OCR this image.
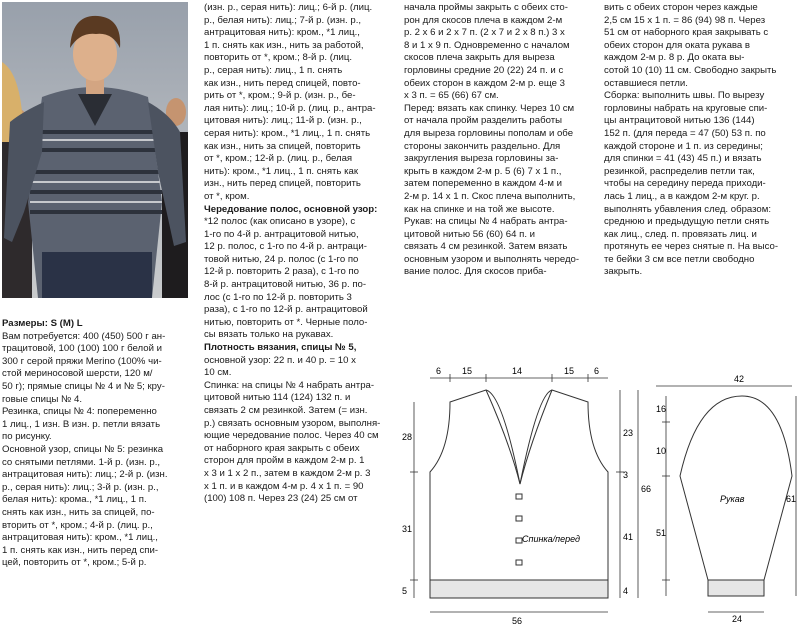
Размеры: S (M) L

Вам потребуется: 400 (450) 500 г ан-

трацитовой, 100 (100) 100 г белой и

300 г серой пряжи Merino (100% чи-

стой мериносовой шерсти, 120 м/

50 г); прямые спицы № 4 и № 5; кру-

говые спицы № 4.

Резинка, спицы № 4: попеременно

1 лиц., 1 изн. В изн. р. петли вязать

по рисунку.

Основной узор, спицы № 5: резинка

со снятыми петлями. 1-й р. (изн. р.,

антрацитовая нить): лиц.; 2-й р. (изн.

р., серая нить): лиц.; 3-й р. (изн. р.,

белая нить): крома., *1 лиц., 1 п.

снять как изн., нить за спицей, по-

вторить от *, кром.; 4-й р. (лиц. р.,

антрацитовая нить): кром., *1 лиц.,

1 п. снять как изн., нить перед спи-

цей, повторить от *, кром.; 5-й р.

(изн. р., серая нить): лиц.; 6-й р. (лиц.

р., белая нить): лиц.; 7-й р. (изн. р.,

антрацитовая нить): кром., *1 лиц.,

1 п. снять как изн., нить за работой,

повторить от *, кром.; 8-й р. (лиц.

р., серая нить): лиц., 1 п. снять

как изн., нить перед спицей, повто-

рить от *, кром.; 9-й р. (изн. р., бе-

лая нить): лиц.; 10-й р. (лиц. р., антра-

цитовая нить): лиц.; 11-й р. (изн. р.,

серая нить): кром., *1 лиц., 1 п. снять

как изн., нить за спицей, повторить

от *, кром.; 12-й р. (лиц. р., белая

нить): кром., *1 лиц., 1 п. снять как

изн., нить перед спицей, повторить

от *, кром.

Чередование полос, основной узор:

*12 полос (как описано в узоре), с

1-го по 4-й р. антрацитовой нитью,

12 р. полос, с 1-го по 4-й р. антраци-

товой нитью, 24 р. полос (с 1-го по

12-й р. повторить 2 раза), с 1-го по

8-й р. антрацитовой нитью, 36 р. по-

лос (с 1-го по 12-й р. повторить 3

раза), с 1-го по 12-й р. антрацитовой

нитью, повторить от *. Черные поло-

сы вязать только на рукавах.

Плотность вязания, спицы № 5,

основной узор: 22 п. и 40 р. = 10 х

10 см.

Спинка: на спицы № 4 набрать антра-

цитовой нитью 114 (124) 132 п. и

связать 2 см резинкой. Затем (= изн.

р.) связать основным узором, выполня-

ющие чередование полос. Через 40 см

от наборного края закрыть с обеих

сторон для пройм в каждом 2-м р. 1

х 3 и 1 х 2 п., затем в каждом 2-м р. 3

х 1 п. и в каждом 4-м р. 4 х 1 п. = 90

(100) 108 п. Через 23 (24) 25 см от

начала проймы закрыть с обеих сто-

рон для скосов плеча в каждом 2-м

р. 2 х 6 и 2 х 7 п. (2 х 7 и 2 х 8 п.) 3 х

8 и 1 х 9 п. Одновременно с началом

скосов плеча закрыть для выреза

горловины средние 20 (22) 24 п. и с

обеих сторон в каждом 2-м р. еще 3

х 3 п. = 65 (66) 67 см.

Перед: вязать как спинку. Через 10 см

от начала пройм разделить работы

для выреза горловины пополам и обе

стороны закончить раздельно. Для

закругления выреза горловины за-

крыть в каждом 2-м р. 5 (6) 7 х 1 п.,

затем попеременно в каждом 4-м и

2-м р. 14 х 1 п. Скос плеча выполнить,

как на спинке и на той же высоте.

Рукав: на спицы № 4 набрать антра-

цитовой нитью 56 (60) 64 п. и

связать 4 см резинкой. Затем вязать

основным узором и выполнять чередо-

вание полос. Для скосов приба-

вить с обеих сторон через каждые

2,5 см 15 х 1 п. = 86 (94) 98 п. Через

51 см от наборного края закрывать с

обеих сторон для оката рукава в

каждом 2-м р. 8 р. До оката вы-

сотой 10 (10) 11 см. Свободно закрыть

оставшиеся петли.

Сборка: выполнить швы. По вырезу

горловины набрать на круговые спи-

цы антрацитовой нитью 136 (144)

152 п. (для переда = 47 (50) 53 п. по

каждой стороне и 1 п. из середины;

для спинки = 41 (43) 45 п.) и вязать

резинкой, распределив петли так,

чтобы на середину переда приходи-

лась 1 лиц., а в каждом 2-м круг. р.

выполнять убавления след. образом:

среднюю и предыдущую петли снять

как лиц., след. п. провязать лиц. и

протянуть ее через снятые п. На высо-

те бейки 3 см все петли свободно

закрыть.

6 15	14	15 6
28
31
5
23
3
41
66
4
56
Спинка/перед
42
16
10
51
61
24
Рукав
